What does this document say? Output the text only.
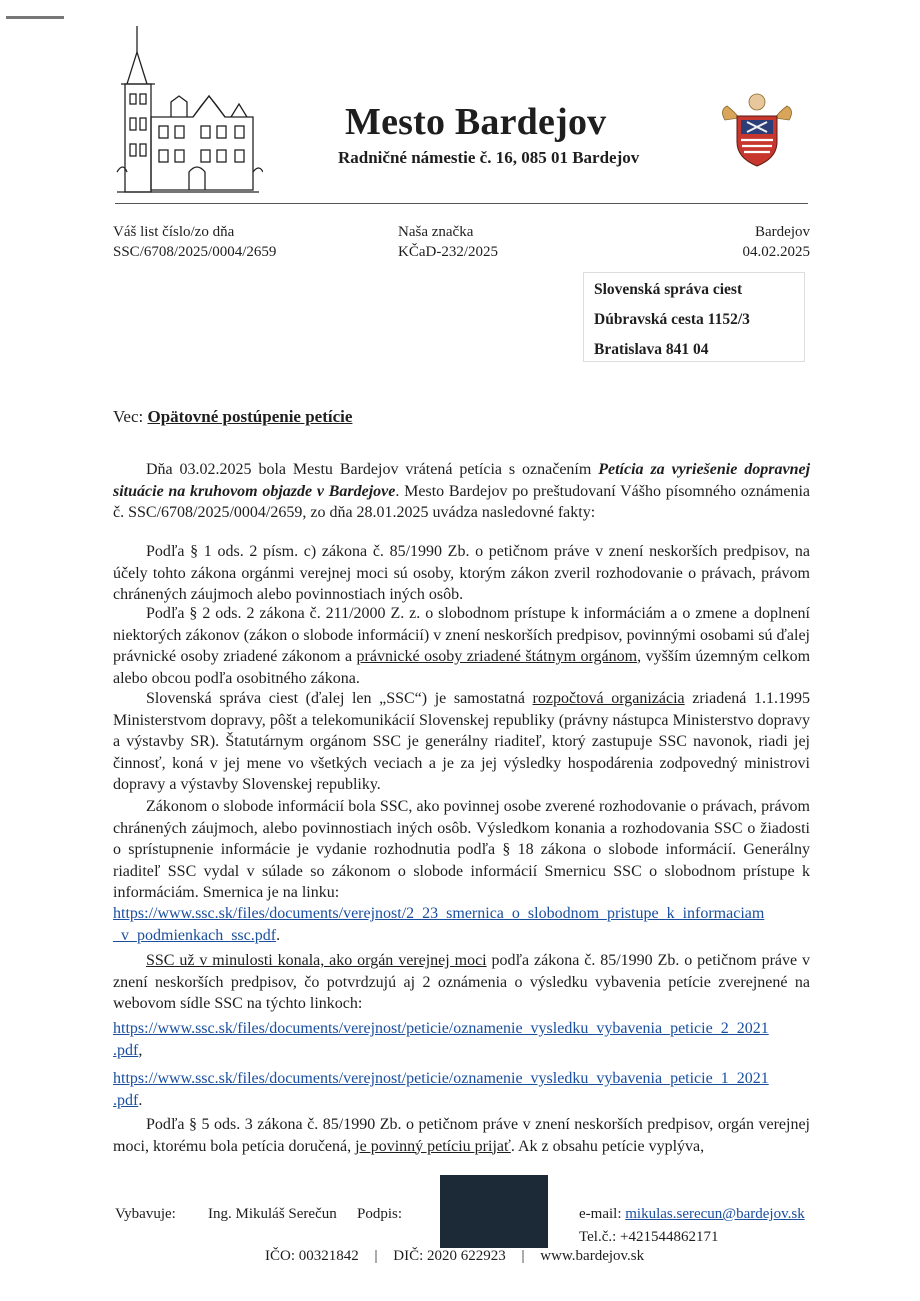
Mesto Bardejov
Radničné námestie č. 16, 085 01 Bardejov
Váš list číslo/zo dňa
SSC/6708/2025/0004/2659
Naša značka
KČaD-232/2025
Bardejov
04.02.2025
Slovenská správa ciest
Dúbravská cesta 1152/3
Bratislava 841 04
Vec: Opätovné postúpenie petície

Dňa 03.02.2025 bola Mestu Bardejov vrátená petícia s označením Petícia za vyriešenie dopravnej situácie na kruhovom objazde v Bardejove. Mesto Bardejov po preštudovaní Vášho písomného oznámenia č. SSC/6708/2025/0004/2659, zo dňa 28.01.2025 uvádza nasledovné fakty:

Podľa § 1 ods. 2 písm. c) zákona č. 85/1990 Zb. o petičnom práve v znení neskorších predpisov, na účely tohto zákona orgánmi verejnej moci sú osoby, ktorým zákon zveril rozhodovanie o právach, právom chránených záujmoch alebo povinnostiach iných osôb.

Podľa § 2 ods. 2 zákona č. 211/2000 Z. z. o slobodnom prístupe k informáciám a o zmene a doplnení niektorých zákonov (zákon o slobode informácií) v znení neskorších predpisov, povinnými osobami sú ďalej právnické osoby zriadené zákonom a právnické osoby zriadené štátnym orgánom, vyšším územným celkom alebo obcou podľa osobitného zákona.

Slovenská správa ciest (ďalej len „SSC“) je samostatná rozpočtová organizácia zriadená 1.1.1995 Ministerstvom dopravy, pôšt a telekomunikácií Slovenskej republiky (právny nástupca Ministerstvo dopravy a výstavby SR). Štatutárnym orgánom SSC je generálny riaditeľ, ktorý zastupuje SSC navonok, riadi jej činnosť, koná v jej mene vo všetkých veciach a je za jej výsledky hospodárenia zodpovedný ministrovi dopravy a výstavby Slovenskej republiky.

Zákonom o slobode informácií bola SSC, ako povinnej osobe zverené rozhodovanie o právach, právom chránených záujmoch, alebo povinnostiach iných osôb. Výsledkom konania a rozhodovania SSC o žiadosti o sprístupnenie informácie je vydanie rozhodnutia podľa § 18 zákona o slobode informácií. Generálny riaditeľ SSC vydal v súlade so zákonom o slobode informácií Smernicu SSC o slobodnom prístupe k informáciám. Smernica je na linku:

https://www.ssc.sk/files/documents/verejnost/2_23_smernica_o_slobodnom_pristupe_k_informaciam
_v_podmienkach_ssc.pdf.

SSC už v minulosti konala, ako orgán verejnej moci podľa zákona č. 85/1990 Zb. o petičnom práve v znení neskorších predpisov, čo potvrdzujú aj 2 oznámenia o výsledku vybavenia petície zverejnené na webovom sídle SSC na týchto linkoch:

https://www.ssc.sk/files/documents/verejnost/peticie/oznamenie_vysledku_vybavenia_peticie_2_2021
.pdf,
https://www.ssc.sk/files/documents/verejnost/peticie/oznamenie_vysledku_vybavenia_peticie_1_2021
.pdf.

Podľa § 5 ods. 3 zákona č. 85/1990 Zb. o petičnom práve v znení neskorších predpisov, orgán verejnej moci, ktorému bola petícia doručená, je povinný petíciu prijať. Ak z obsahu petície vyplýva,

Vybavuje: Ing. Mikuláš Serečun Podpis:	e-mail: mikulas.serecun@bardejov.sk
Tel.č.: +421544862171
IČO: 00321842 | DIČ: 2020 622923 | www.bardejov.sk
